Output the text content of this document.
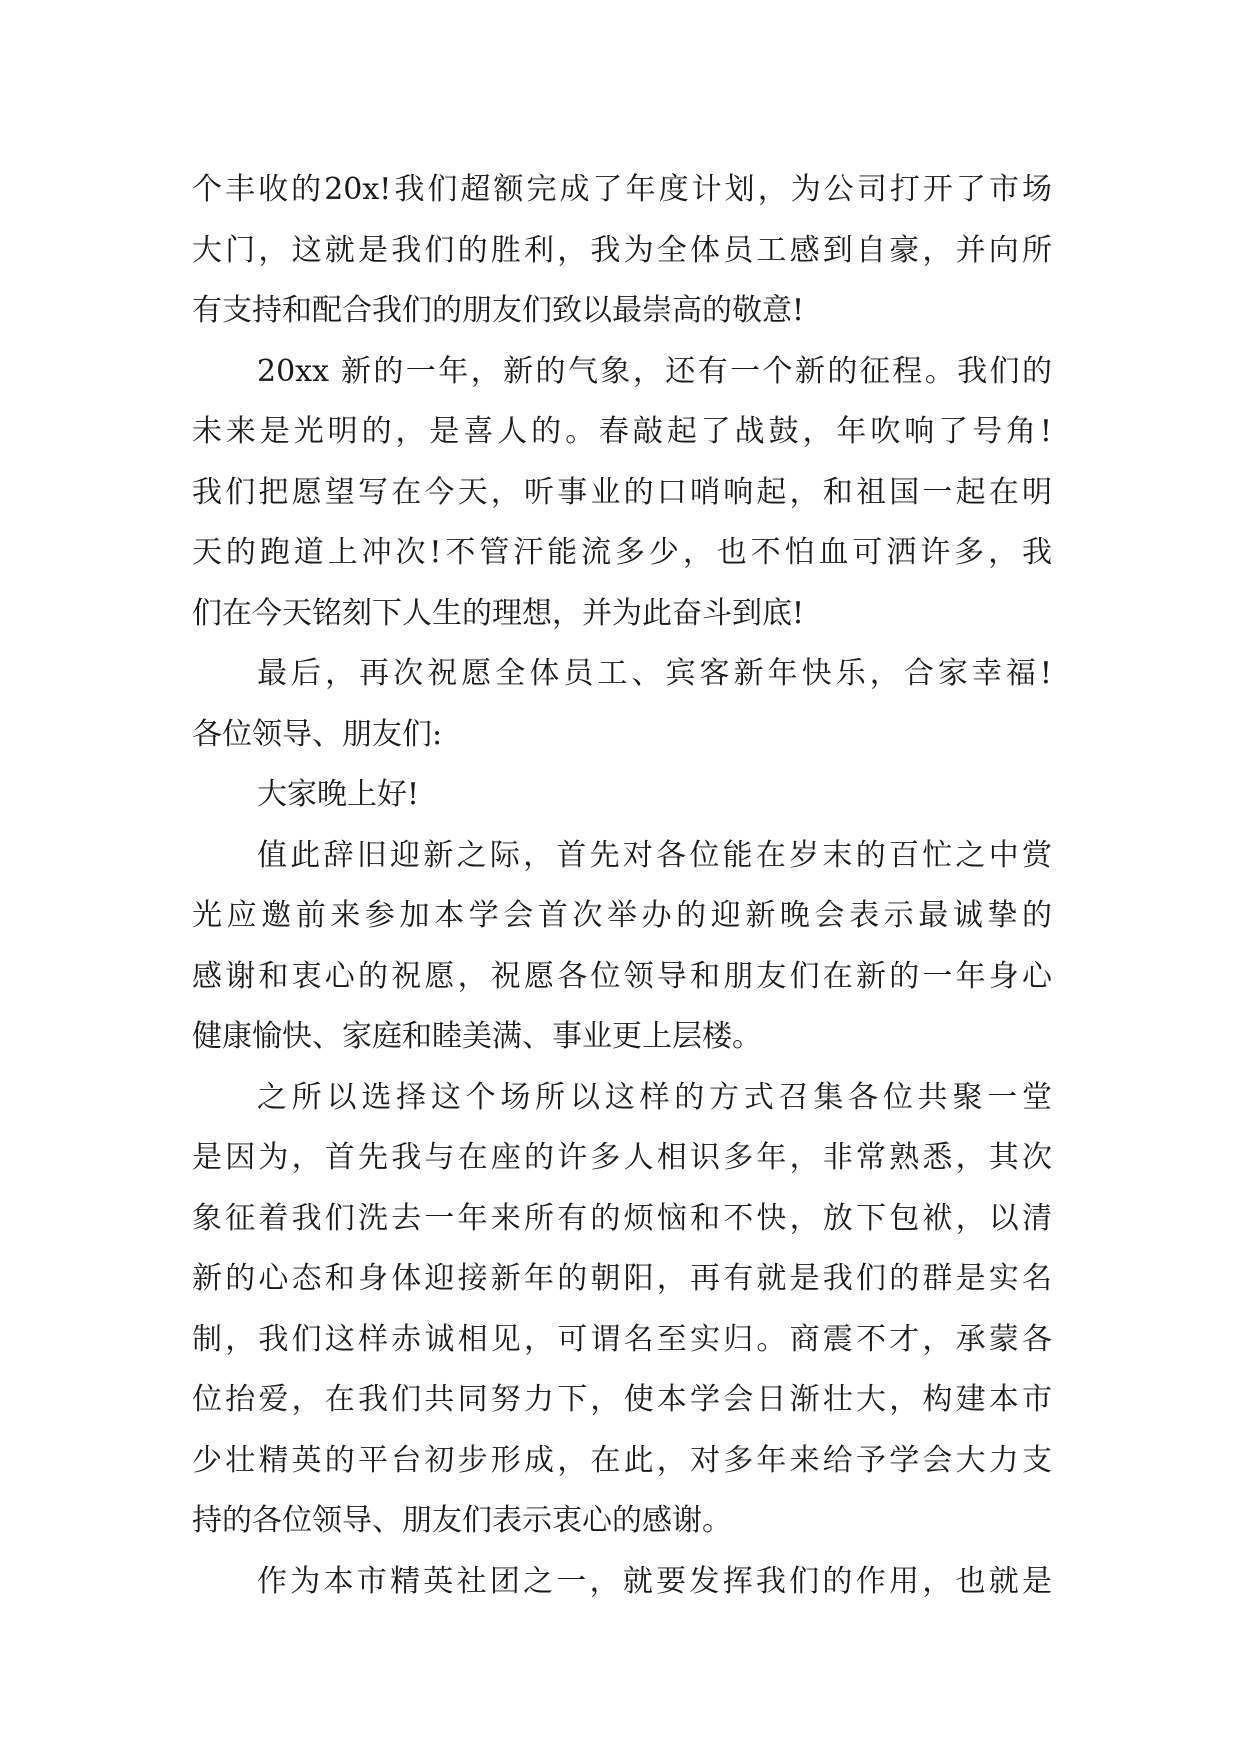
个丰收的20x!我们超额完成了年度计划，为公司打开了市场
大门，这就是我们的胜利，我为全体员工感到自豪，并向所
有支持和配合我们的朋友们致以最崇高的敬意!
20xx 新的一年，新的气象，还有一个新的征程。我们的
未来是光明的，是喜人的。春敲起了战鼓，年吹响了号角!
我们把愿望写在今天，听事业的口哨响起，和祖国一起在明
天的跑道上冲次!不管汗能流多少，也不怕血可洒许多，我
们在今天铭刻下人生的理想，并为此奋斗到底!
最后，再次祝愿全体员工、宾客新年快乐，合家幸福!
各位领导、朋友们:
大家晚上好!
值此辞旧迎新之际，首先对各位能在岁末的百忙之中赏
光应邀前来参加本学会首次举办的迎新晚会表示最诚挚的
感谢和衷心的祝愿，祝愿各位领导和朋友们在新的一年身心
健康愉快、家庭和睦美满、事业更上层楼。
之所以选择这个场所以这样的方式召集各位共聚一堂
是因为，首先我与在座的许多人相识多年，非常熟悉，其次
象征着我们洗去一年来所有的烦恼和不快，放下包袱，以清
新的心态和身体迎接新年的朝阳，再有就是我们的群是实名
制，我们这样赤诚相见，可谓名至实归。商震不才，承蒙各
位抬爱，在我们共同努力下，使本学会日渐壮大，构建本市
少壮精英的平台初步形成，在此，对多年来给予学会大力支
持的各位领导、朋友们表示衷心的感谢。
作为本市精英社团之一，就要发挥我们的作用，也就是
